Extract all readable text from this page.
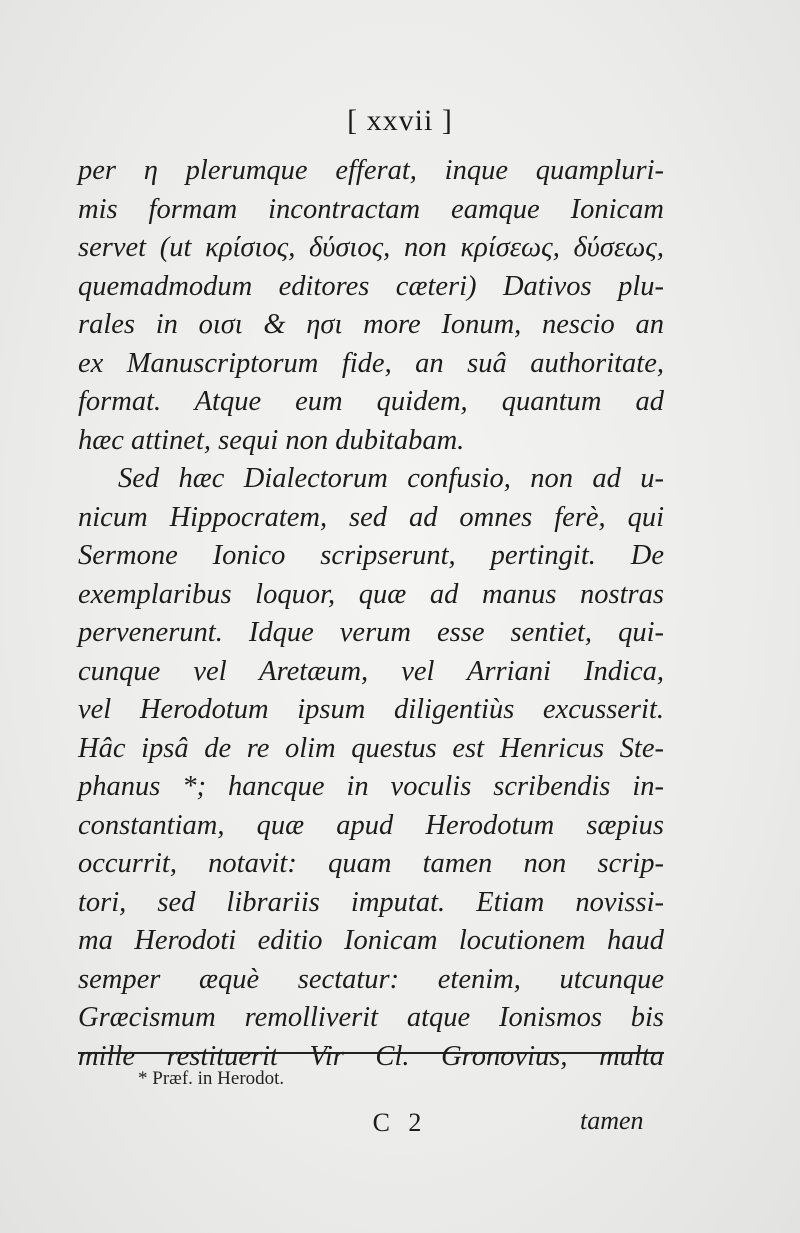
[ xxvii ]
per η plerumque efferat, inque quampluri-
mis formam incontractam eamque Ionicam
servet (ut κρίσιος, δύσιος, non κρίσεως, δύσεως,
quemadmodum editores cæteri) Dativos plu-
rales in οισι & ησι more Ionum, nescio an
ex Manuscriptorum fide, an suâ authoritate,
format. Atque eum quidem, quantum ad
hæc attinet, sequi non dubitabam.
Sed hæc Dialectorum confusio, non ad u-
nicum Hippocratem, sed ad omnes ferè, qui
Sermone Ionico scripserunt, pertingit. De
exemplaribus loquor, quæ ad manus nostras
pervenerunt. Idque verum esse sentiet, qui-
cunque vel Aretæum, vel Arriani Indica,
vel Herodotum ipsum diligentiùs excusserit.
Hâc ipsâ de re olim questus est Henricus Ste-
phanus *; hancque in voculis scribendis in-
constantiam, quæ apud Herodotum sæpius
occurrit, notavit: quam tamen non scrip-
tori, sed librariis imputat. Etiam novissi-
ma Herodoti editio Ionicam locutionem haud
semper æquè sectatur: etenim, utcunque
Græcismum remolliverit atque Ionismos bis
mille restituerit Vir Cl. Gronovius, multa
* Præf. in Herodot.
C 2	tamen
